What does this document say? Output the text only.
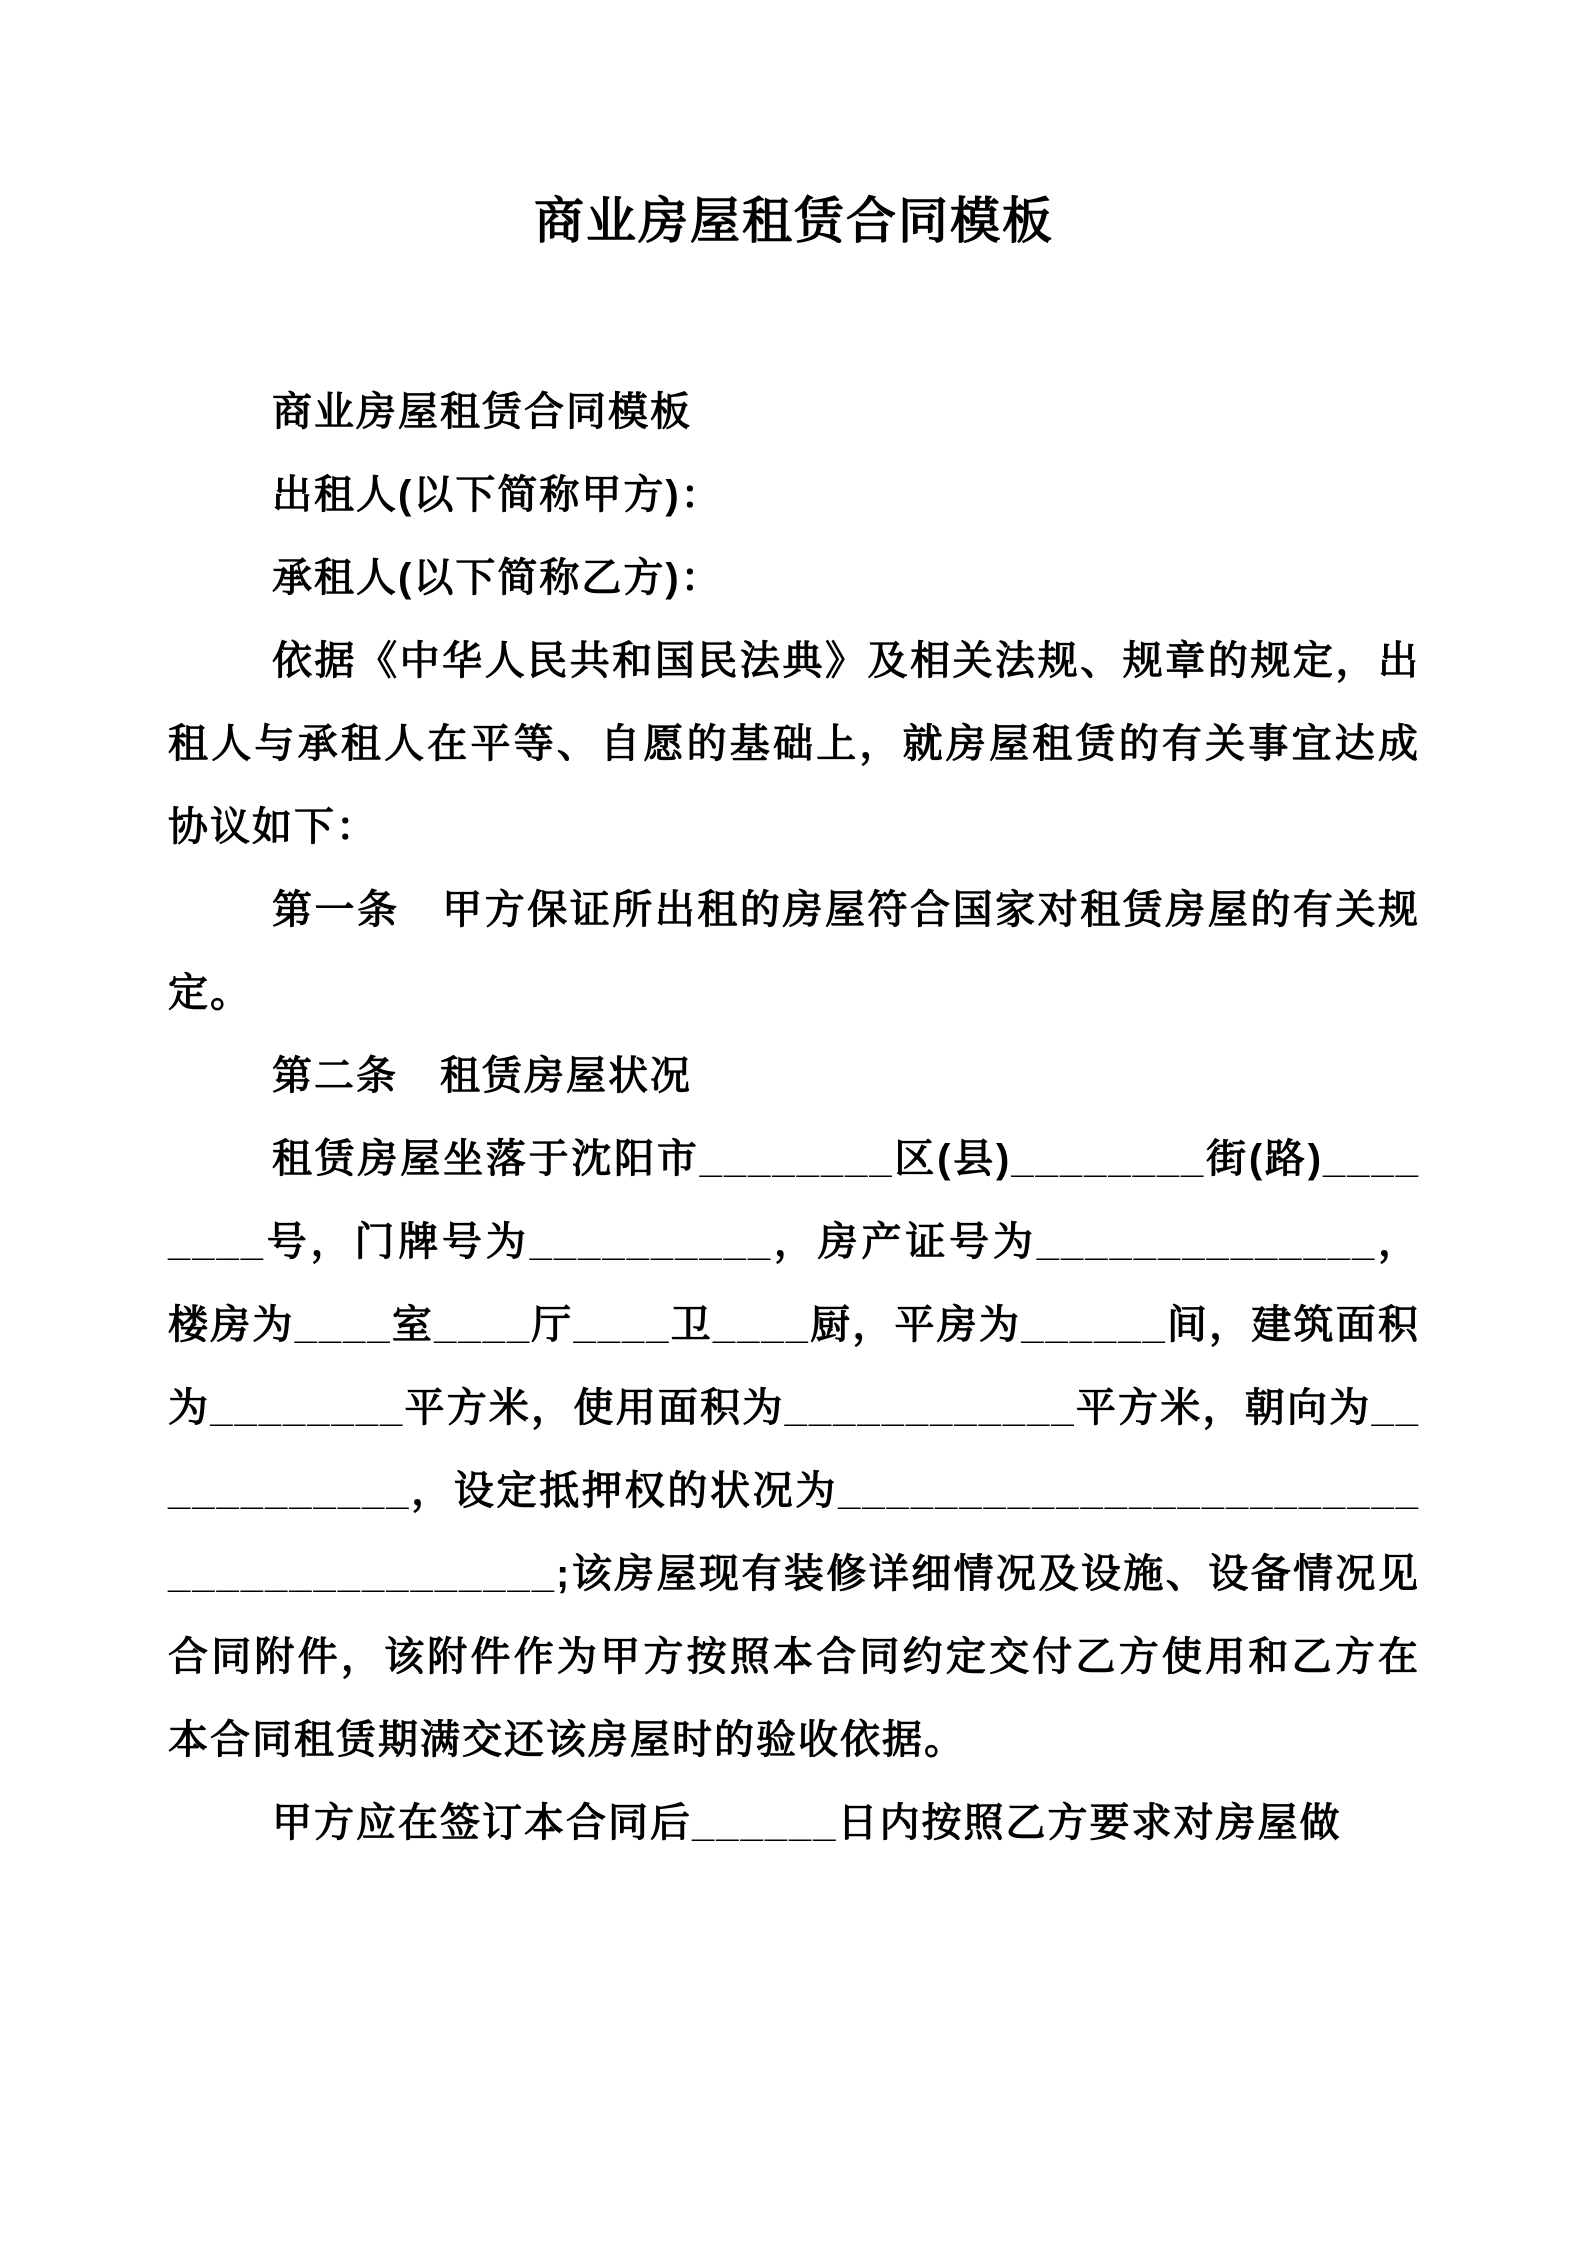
商业房屋租赁合同模板

商业房屋租赁合同模板

出租人(以下简称甲方)：

承租人(以下简称乙方)：

依据《中华人民共和国民法典》及相关法规、规章的规定，出租人与承租人在平等、自愿的基础上，就房屋租赁的有关事宜达成协议如下：

第一条　甲方保证所出租的房屋符合国家对租赁房屋的有关规定。

第二条　租赁房屋状况

租赁房屋坐落于沈阳市________区(县)________街(路)________号，门牌号为__________，房产证号为______________，楼房为____室____厅____卫____厨，平房为______间，建筑面积为________平方米，使用面积为____________平方米，朝向为____________，设定抵押权的状况为________________________________________;该房屋现有装修详细情况及设施、设备情况见合同附件，该附件作为甲方按照本合同约定交付乙方使用和乙方在本合同租赁期满交还该房屋时的验收依据。

甲方应在签订本合同后______日内按照乙方要求对房屋做
